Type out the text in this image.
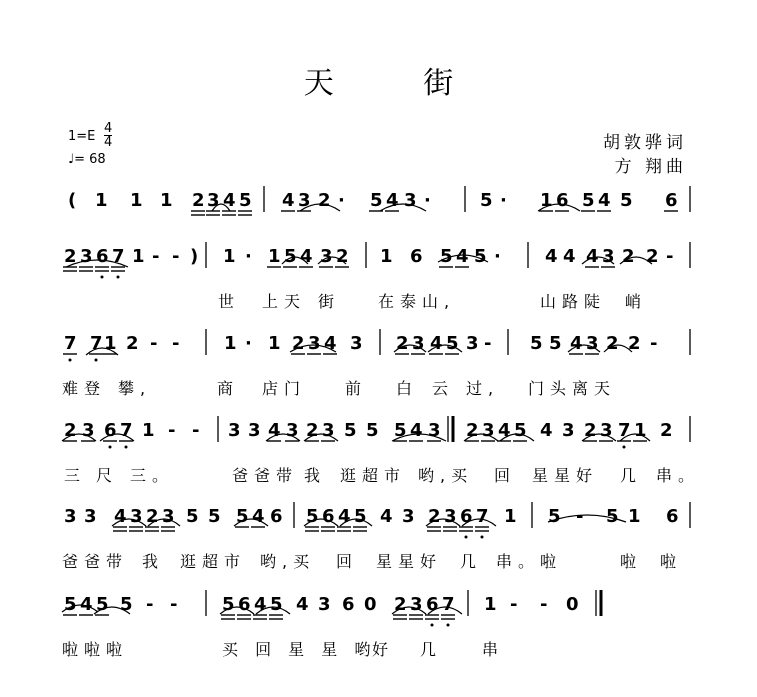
天 街
胡敦骅词
方 翔曲
1=E
4
4
♩= 68
( 1 1 1 2 3 4 5 4 3 2 · 5 4 3 ·	5 · 1 6 5 4 5 6
2 3 6 7 1 - - ) 1 · 1 5 4 3 2 1 6 5 4 5 · 4 4 4 3 2 2 -
世 上天 街 在泰山,	山路陡 峭
7 7 1 2 - - 1 · 1 2 3 4 3 2 3 4 5 3 - 5 5 4 3 2 2 -
难登 攀,	商 店门 前 白 云 过, 门头离天
2 3 6 7 1 - - 3 3 4 3 2 3 5 5 5 4 3 2 3 4 5 4 3 2 3 7 1 2
三 尺 三。	爸爸带 我 逛超市 哟,买 回 星星好 几 串。
3 3 4 3 2 3 5 5 5 4 6 5 6 4 5 4 3 2 3 6 7 1 5 - 5 1 6
爸爸带 我 逛超市 哟,买 回 星星好 几 串。啦	啦 啦
5 4 5 5 - - 5 6 4 5 4 3 6 0 2 3 6 7 1 - - 0
啦啦啦	买 回 星 星 哟
好 几 串
